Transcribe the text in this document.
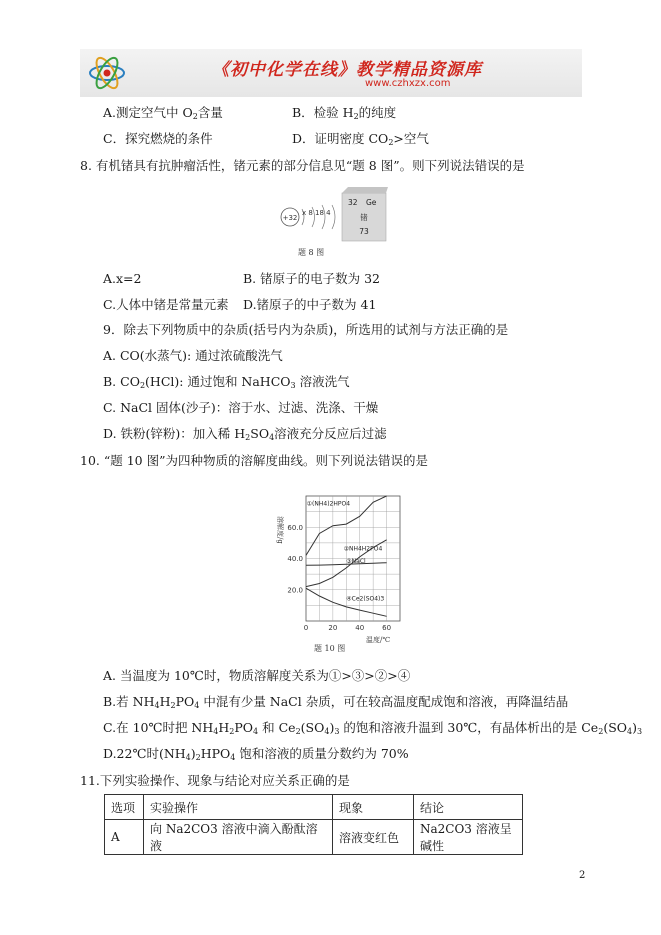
《初中化学在线》教学精品资源库
www.czhxzx.com
A.测定空气中 $O_2$含量	B．检验 $H_2$的纯度
C．探究燃烧的条件	D．证明密度 $CO_2>$空气
8. 有机锗具有抗肿瘤活性，锗元素的部分信息见“题 8 图”。则下列说法错误的是
+32
x 8 18 4
32 Ge
锗
73
题 8 图
A.x=2	B. 锗原子的电子数为 32
C.人体中锗是常量元素 D.锗原子的中子数为 41
9．除去下列物质中的杂质(括号内为杂质)，所选用的试剂与方法正确的是
A. CO(水蒸气): 通过浓硫酸洗气
B. $CO_2(HCl)$: 通过饱和 NaHCO$_3$ 溶液洗气
C. NaCl 固体(沙子)：溶于水、过滤、洗涤、干燥
D. 铁粉(锌粉)：加入稀 $H_2SO_4$溶液充分反应后过滤
10. “题 10 图”为四种物质的溶解度曲线。则下列说法错误的是
0	20	40	60
20.0
40.0
60.0
①(NH4)2HPO4
②NH4H2PO4
③NaCl
④Ce2(SO4)3
溶解度/g
温度/℃
题 10 图
A. 当温度为 10℃时，物质溶解度关系为①>③>②>④
B.若 $NH_4H_2PO_4$ 中混有少量 NaCl 杂质，可在较高温度配成饱和溶液，再降温结晶
C.在 10℃时把 $NH_4H_2PO_4$ 和 $Ce_2(SO_4)_3$ 的饱和溶液升温到 30℃，有晶体析出的是 $Ce_2(SO_4)_3$
D.22℃时$(NH_4)_2HPO_4$ 饱和溶液的质量分数约为 70%
11.下列实验操作、现象与结论对应关系正确的是
选项	实验操作	现象	结论
A	向 Na2CO3 溶液中滴入酚酞溶液	溶液变红色	Na2CO3 溶液呈碱性
2
